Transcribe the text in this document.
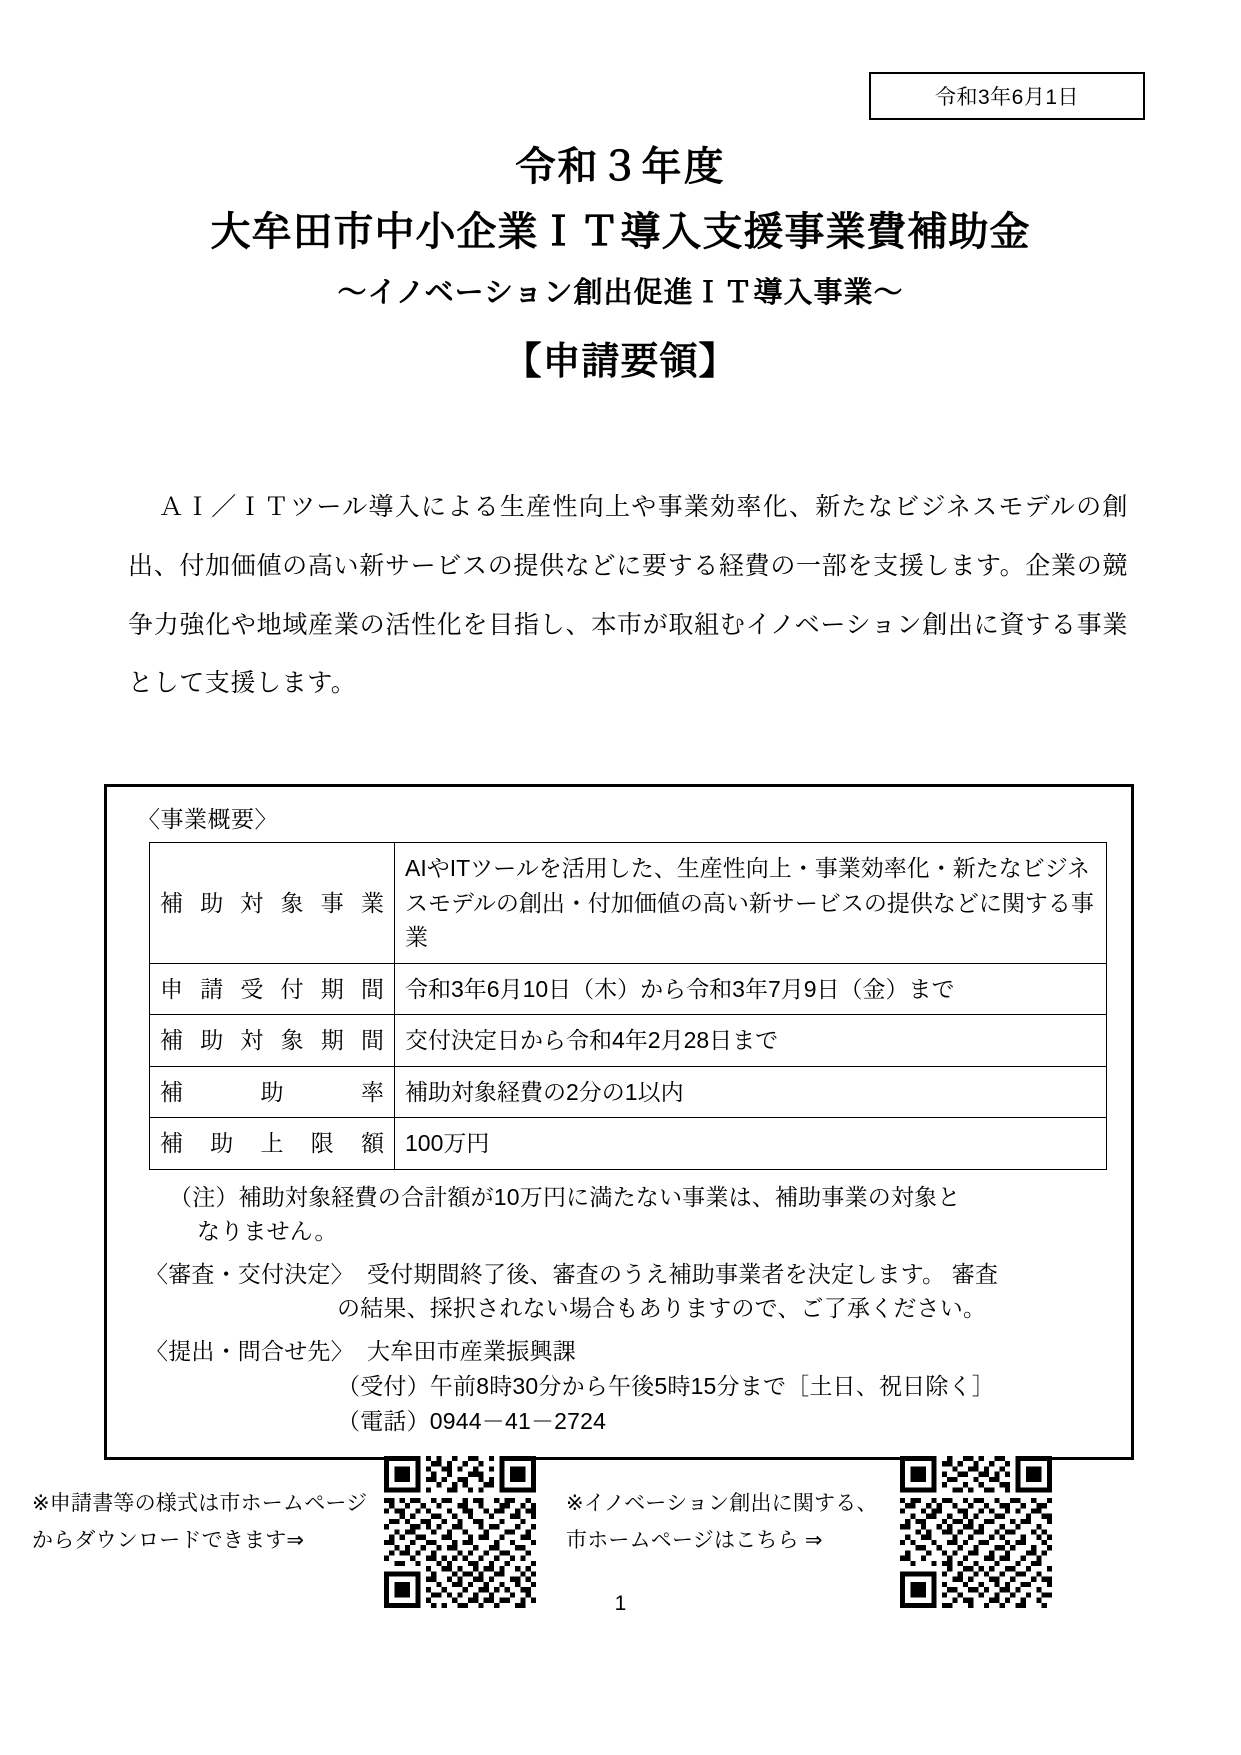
令和3年6月1日
令和３年度
大牟田市中小企業ＩＴ導入支援事業費補助金
～イノベーション創出促進ＩＴ導入事業～
【申請要領】
ＡＩ／ＩＴツール導入による生産性向上や事業効率化、新たなビジネスモデルの創出、付加価値の高い新サービスの提供などに要する経費の一部を支援します。企業の競争力強化や地域産業の活性化を目指し、本市が取組むイノベーション創出に資する事業として支援します。
〈事業概要〉
補助対象事業	AIやITツールを活用した、生産性向上・事業効率化・新たなビジネスモデルの創出・付加価値の高い新サービスの提供などに関する事業
申請受付期間	令和3年6月10日（木）から令和3年7月9日（金）まで
補助対象期間	交付決定日から令和4年2月28日まで
補助率	補助対象経費の2分の1以内
補助上限額	100万円
（注）補助対象経費の合計額が10万円に満たない事業は、補助事業の対象と
なりません。
〈審査・交付決定〉 受付期間終了後、審査のうえ補助事業者を決定します。 審査
の結果、採択されない場合もありますので、ご了承ください。
〈提出・問合せ先〉 大牟田市産業振興課
（受付）午前8時30分から午後5時15分まで［土日、祝日除く］
（電話）0944－41－2724
※申請書等の様式は市ホームページ
からダウンロードできます⇒
※イノベーション創出に関する、
市ホームページはこちら ⇒
1
